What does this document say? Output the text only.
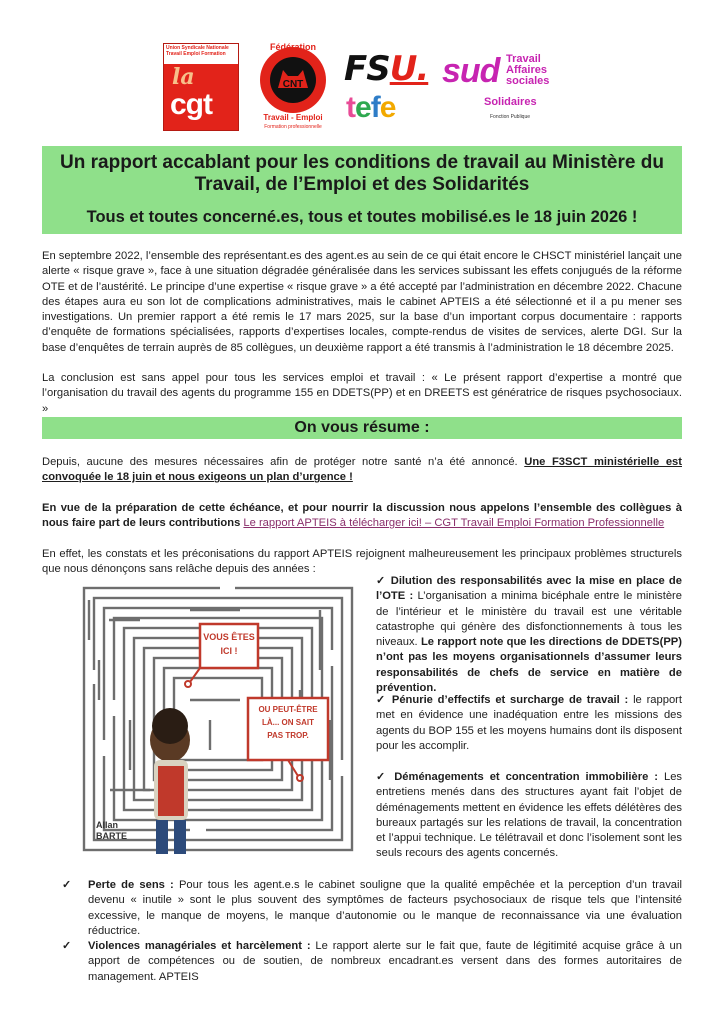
Union Syndicale Nationale Travail Emploi Formation
la
cgt
Fédération
CNT
Travail - Emploi
Formation professionnelle
FSU.
tefe
sud Travail Affaires sociales
Solidaires
Fonction Publique
Un rapport accablant pour les conditions de travail au Ministère du Travail, de l’Emploi et des Solidarités
Tous et toutes concerné.es, tous et toutes mobilisé.es le 18 juin 2026 !
En septembre 2022, l’ensemble des représentant.es des agent.es au sein de ce qui était encore le CHSCT ministériel lançait une alerte « risque grave », face à une situation dégradée généralisée dans les services subissant les effets conjugués de la réforme OTE et de l’austérité. Le principe d’une expertise « risque grave » a été accepté par l’administration en décembre 2022. Chacune des étapes aura eu son lot de complications administratives, mais le cabinet APTEIS a été sélectionné et il a pu mener ses investigations. Un premier rapport a été remis le 17 mars 2025, sur la base d’un important corpus documentaire : rapports d’enquête de formations spécialisées, rapports d’expertises locales, compte-rendus de visites de services, alerte DGI. Sur la base d’enquêtes de terrain auprès de 85 collègues, un deuxième rapport a été transmis à l’administration le 18 décembre 2025.
La conclusion est sans appel pour tous les services emploi et travail : « Le présent rapport d’expertise a montré que l’organisation du travail des agents du programme 155 en DDETS(PP) et en DREETS est génératrice de risques psychosociaux. »
On vous résume :
Depuis, aucune des mesures nécessaires afin de protéger notre santé n’a été annoncé. Une F3SCT ministérielle est convoquée le 18 juin et nous exigeons un plan d’urgence !
En vue de la préparation de cette échéance, et pour nourrir la discussion nous appelons l’ensemble des collègues à nous faire part de leurs contributions Le rapport APTEIS à télécharger ici! – CGT Travail Emploi Formation Professionnelle
En effet, les constats et les préconisations du rapport APTEIS rejoignent malheureusement les principaux problèmes structurels que nous dénonçons sans relâche depuis des années :
VOUS ÊTES ICI !
OU PEUT-ÊTRE LÀ... ON SAIT PAS TROP.
Allan BARTE
✓ Dilution des responsabilités avec la mise en place de l’OTE : L’organisation a minima bicéphale entre le ministère de l’intérieur et le ministère du travail est une véritable catastrophe qui génère des disfonctionnements à tous les niveaux. Le rapport note que les directions de DDETS(PP) n’ont pas les moyens organisationnels d’assumer leurs responsabilités de chefs de service en matière de prévention.
✓ Pénurie d’effectifs et surcharge de travail : le rapport met en évidence une inadéquation entre les missions des agents du BOP 155 et les moyens humains dont ils disposent pour les accomplir.
✓ Déménagements et concentration immobilière : Les entretiens menés dans des structures ayant fait l’objet de déménagements mettent en évidence les effets délétères des bureaux partagés sur les relations de travail, la concentration et l’appui technique. Le télétravail et donc l’isolement sont les seuls recours des agents concernés.
✓ Perte de sens : Pour tous les agent.e.s le cabinet souligne que la qualité empêchée et la perception d’un travail devenu « inutile » sont le plus souvent des symptômes de facteurs psychosociaux de risque tels que l’intensité excessive, le manque de moyens, le manque d’autonomie ou le manque de reconnaissance via une évaluation réductrice.
✓ Violences managériales et harcèlement : Le rapport alerte sur le fait que, faute de légitimité acquise grâce à un apport de compétences ou de soutien, de nombreux encadrant.es versent dans des formes autoritaires de management. APTEIS
